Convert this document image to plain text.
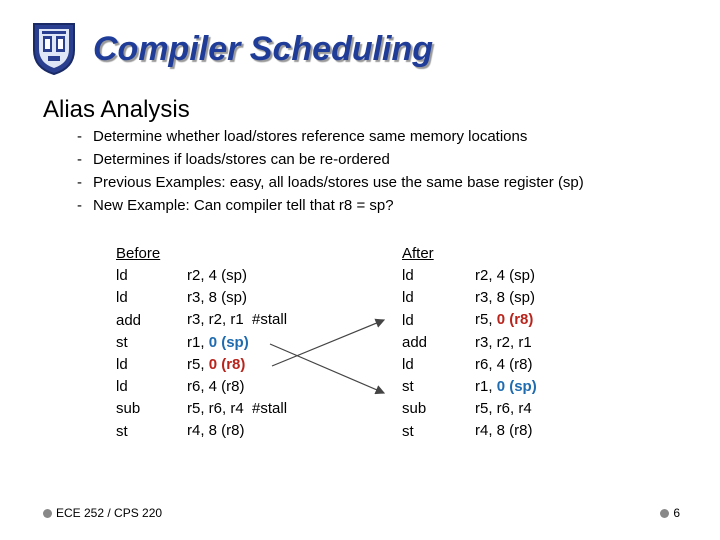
Compiler Scheduling
Alias Analysis
- Determine whether load/stores reference same memory locations
- Determines if loads/stores can be re-ordered
- Previous Examples: easy, all loads/stores use the same base register (sp)
- New Example: Can compiler tell that r8 = sp?
Before
ld
ld
add
st
ld
ld
sub
st
r2, 4 (sp)
r3, 8 (sp)
r3, r2, r1 #stall
r1, 0 (sp)
r5, 0 (r8)
r6, 4 (r8)
r5, r6, r4 #stall
r4, 8 (r8)
After
ld
ld
ld
add
ld
st
sub
st
r2, 4 (sp)
r3, 8 (sp)
r5, 0 (r8)
r3, r2, r1
r6, 4 (r8)
r1, 0 (sp)
r5, r6, r4
r4, 8 (r8)
ECE 252 / CPS 220	6
